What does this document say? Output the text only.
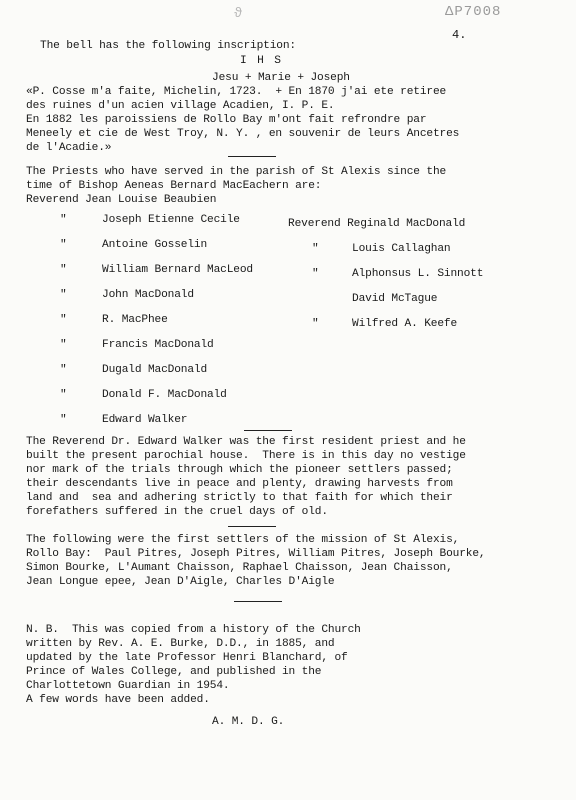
ϑ	ΔP7008
4.
The bell has the following inscription:
I H S
Jesu + Marie + Joseph
«P. Cosse m'a faite, Michelin, 1723.  + En 1870 j'ai ete retiree
des ruines d'un acien village Acadien, I. P. E.
En 1882 les paroissiens de Rollo Bay m'ont fait refrondre par
Meneely et cie de West Troy, N. Y. , en souvenir de leurs Ancetres
de l'Acadie.»
The Priests who have served in the parish of St Alexis since the
time of Bishop Aeneas Bernard MacEachern are:
Reverend Jean Louise Beaubien
"	Joseph Etienne Cecile
"	Antoine Gosselin
"	William Bernard MacLeod
"	John MacDonald
"	R. MacPhee
"	Francis MacDonald
"	Dugald MacDonald
"	Donald F. MacDonald
"	Edward Walker
Reverend Reginald MacDonald
"	Louis Callaghan
"	Alphonsus L. Sinnott
David McTague
"	Wilfred A. Keefe
The Reverend Dr. Edward Walker was the first resident priest and he
built the present parochial house.  There is in this day no vestige
nor mark of the trials through which the pioneer settlers passed;
their descendants live in peace and plenty, drawing harvests from
land and  sea and adhering strictly to that faith for which their
forefathers suffered in the cruel days of old.
The following were the first settlers of the mission of St Alexis,
Rollo Bay:  Paul Pitres, Joseph Pitres, William Pitres, Joseph Bourke,
Simon Bourke, L'Aumant Chaisson, Raphael Chaisson, Jean Chaisson,
Jean Longue epee, Jean D'Aigle, Charles D'Aigle
N. B.  This was copied from a history of the Church
written by Rev. A. E. Burke, D.D., in 1885, and
updated by the late Professor Henri Blanchard, of
Prince of Wales College, and published in the
Charlottetown Guardian in 1954.
A few words have been added.
A. M. D. G.
